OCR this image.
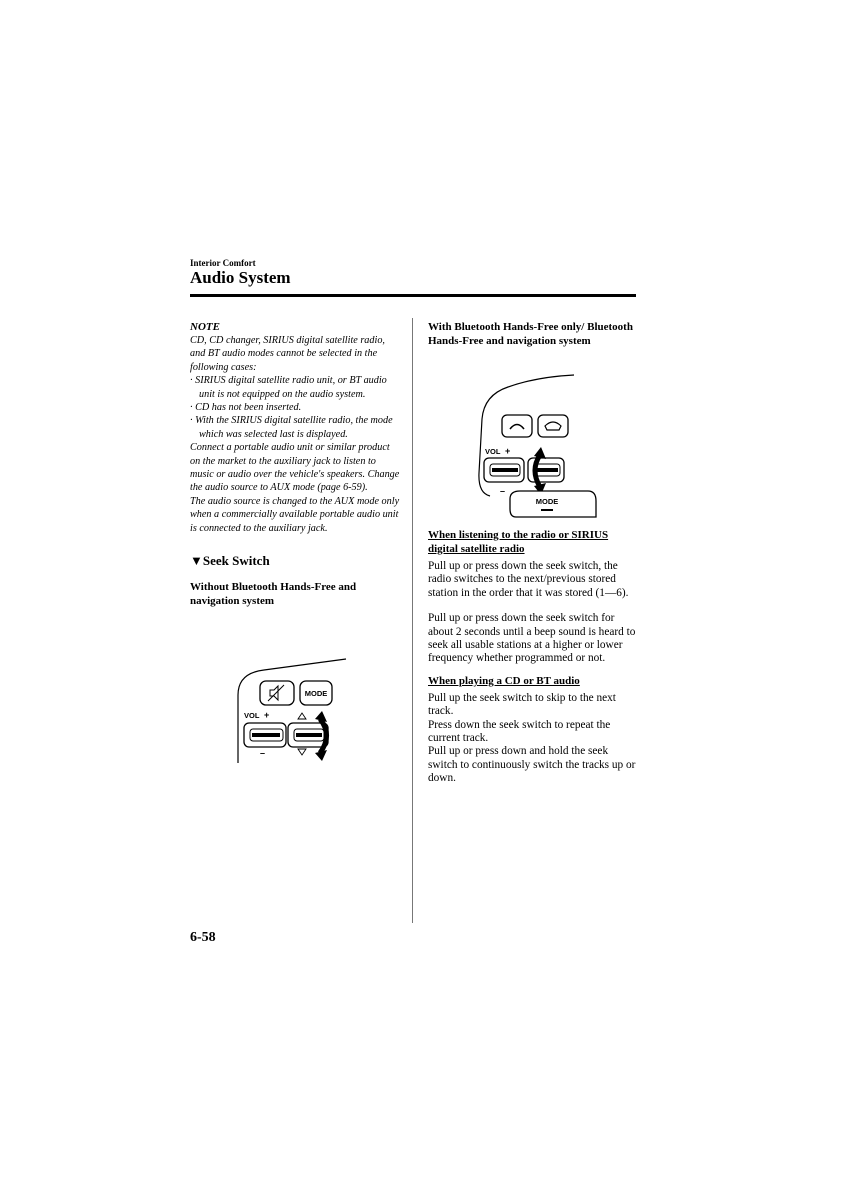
Interior Comfort
Audio System
NOTE
CD, CD changer, SIRIUS digital satellite radio, and BT audio modes cannot be selected in the following cases:
· SIRIUS digital satellite radio unit, or BT audio unit is not equipped on the audio system.
· CD has not been inserted.
· With the SIRIUS digital satellite radio, the mode which was selected last is displayed.
Connect a portable audio unit or similar product on the market to the auxiliary jack to listen to music or audio over the vehicle's speakers. Change the audio source to AUX mode (page 6-59).
The audio source is changed to the AUX mode only when a commercially available portable audio unit is connected to the auxiliary jack.
▼Seek Switch
Without Bluetooth Hands-Free and navigation system
MODE
VOL +
–
With Bluetooth Hands-Free only/ Bluetooth Hands-Free and navigation system
VOL +
–
MODE
When listening to the radio or SIRIUS digital satellite radio
Pull up or press down the seek switch, the radio switches to the next/previous stored station in the order that it was stored (1—6).
Pull up or press down the seek switch for about 2 seconds until a beep sound is heard to seek all usable stations at a higher or lower frequency whether programmed or not.
When playing a CD or BT audio
Pull up the seek switch to skip to the next track.
Press down the seek switch to repeat the current track.
Pull up or press down and hold the seek switch to continuously switch the tracks up or down.
6-58
